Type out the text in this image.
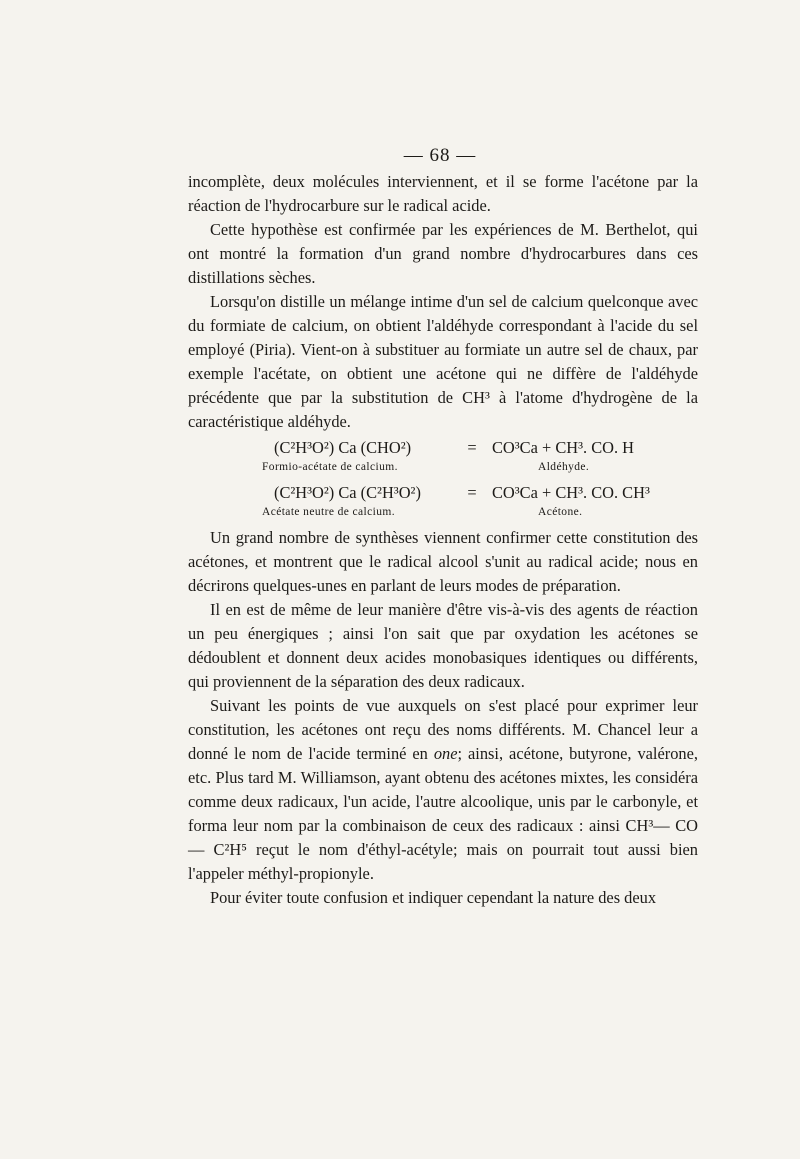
— 68 —

incomplète, deux molécules interviennent, et il se forme l'acétone par la réaction de l'hydrocarbure sur le radical acide.

Cette hypothèse est confirmée par les expériences de M. Berthelot, qui ont montré la formation d'un grand nombre d'hydrocarbures dans ces distillations sèches.

Lorsqu'on distille un mélange intime d'un sel de calcium quelconque avec du formiate de calcium, on obtient l'aldéhyde correspondant à l'acide du sel employé (Piria). Vient-on à substituer au formiate un autre sel de chaux, par exemple l'acétate, on obtient une acétone qui ne diffère de l'aldéhyde précédente que par la substitution de CH³ à l'atome d'hydrogène de la caractéristique aldéhyde.

(C²H³O²) Ca (CHO²)	= CO³Ca + CH³. CO. H
Formio-acétate de calcium.	Aldéhyde.
(C²H³O²) Ca (C²H³O²)	= CO³Ca + CH³. CO. CH³
Acétate neutre de calcium.	Acétone.

Un grand nombre de synthèses viennent confirmer cette constitution des acétones, et montrent que le radical alcool s'unit au radical acide; nous en décrirons quelques-unes en parlant de leurs modes de préparation.

Il en est de même de leur manière d'être vis-à-vis des agents de réaction un peu énergiques ; ainsi l'on sait que par oxydation les acétones se dédoublent et donnent deux acides monobasiques identiques ou différents, qui proviennent de la séparation des deux radicaux.

Suivant les points de vue auxquels on s'est placé pour exprimer leur constitution, les acétones ont reçu des noms différents. M. Chancel leur a donné le nom de l'acide terminé en one; ainsi, acétone, butyrone, valérone, etc. Plus tard M. Williamson, ayant obtenu des acétones mixtes, les considéra comme deux radicaux, l'un acide, l'autre alcoolique, unis par le carbonyle, et forma leur nom par la combinaison de ceux des radicaux : ainsi CH³— CO — C²H⁵ reçut le nom d'éthyl-acétyle; mais on pourrait tout aussi bien l'appeler méthyl-propionyle.

Pour éviter toute confusion et indiquer cependant la nature des deux
